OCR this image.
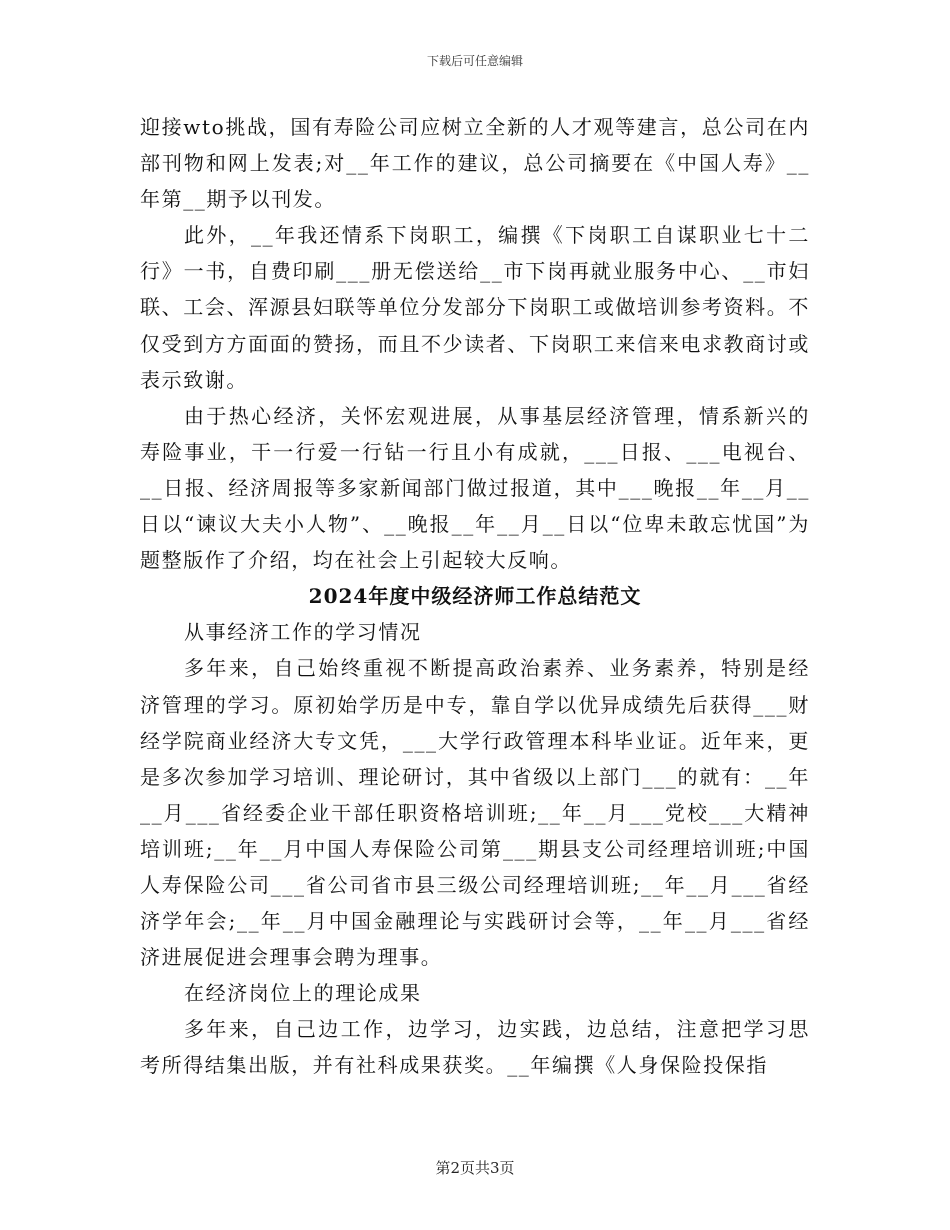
下载后可任意编辑

迎接wto挑战，国有寿险公司应树立全新的人才观等建言，总公司在内部刊物和网上发表;对__年工作的建议，总公司摘要在《中国人寿》__年第__期予以刊发。

此外，__年我还情系下岗职工，编撰《下岗职工自谋职业七十二行》一书，自费印刷___册无偿送给__市下岗再就业服务中心、__市妇联、工会、浑源县妇联等单位分发部分下岗职工或做培训参考资料。不仅受到方方面面的赞扬，而且不少读者、下岗职工来信来电求教商讨或表示致谢。

由于热心经济，关怀宏观进展，从事基层经济管理，情系新兴的寿险事业，干一行爱一行钻一行且小有成就，___日报、___电视台、__日报、经济周报等多家新闻部门做过报道，其中___晚报__年__月__日以“谏议大夫小人物”、__晚报__年__月__日以“位卑未敢忘忧国”为题整版作了介绍，均在社会上引起较大反响。

2024年度中级经济师工作总结范文

从事经济工作的学习情况

多年来，自己始终重视不断提高政治素养、业务素养，特别是经济管理的学习。原初始学历是中专，靠自学以优异成绩先后获得___财经学院商业经济大专文凭，___大学行政管理本科毕业证。近年来，更是多次参加学习培训、理论研讨，其中省级以上部门___的就有：__年__月___省经委企业干部任职资格培训班;__年__月___党校___大精神培训班;__年__月中国人寿保险公司第___期县支公司经理培训班;中国人寿保险公司___省公司省市县三级公司经理培训班;__年__月___省经济学年会;__年__月中国金融理论与实践研讨会等，__年__月___省经济进展促进会理事会聘为理事。

在经济岗位上的理论成果

多年来，自己边工作，边学习，边实践，边总结，注意把学习思考所得结集出版，并有社科成果获奖。__年编撰《人身保险投保指

第2页共3页
